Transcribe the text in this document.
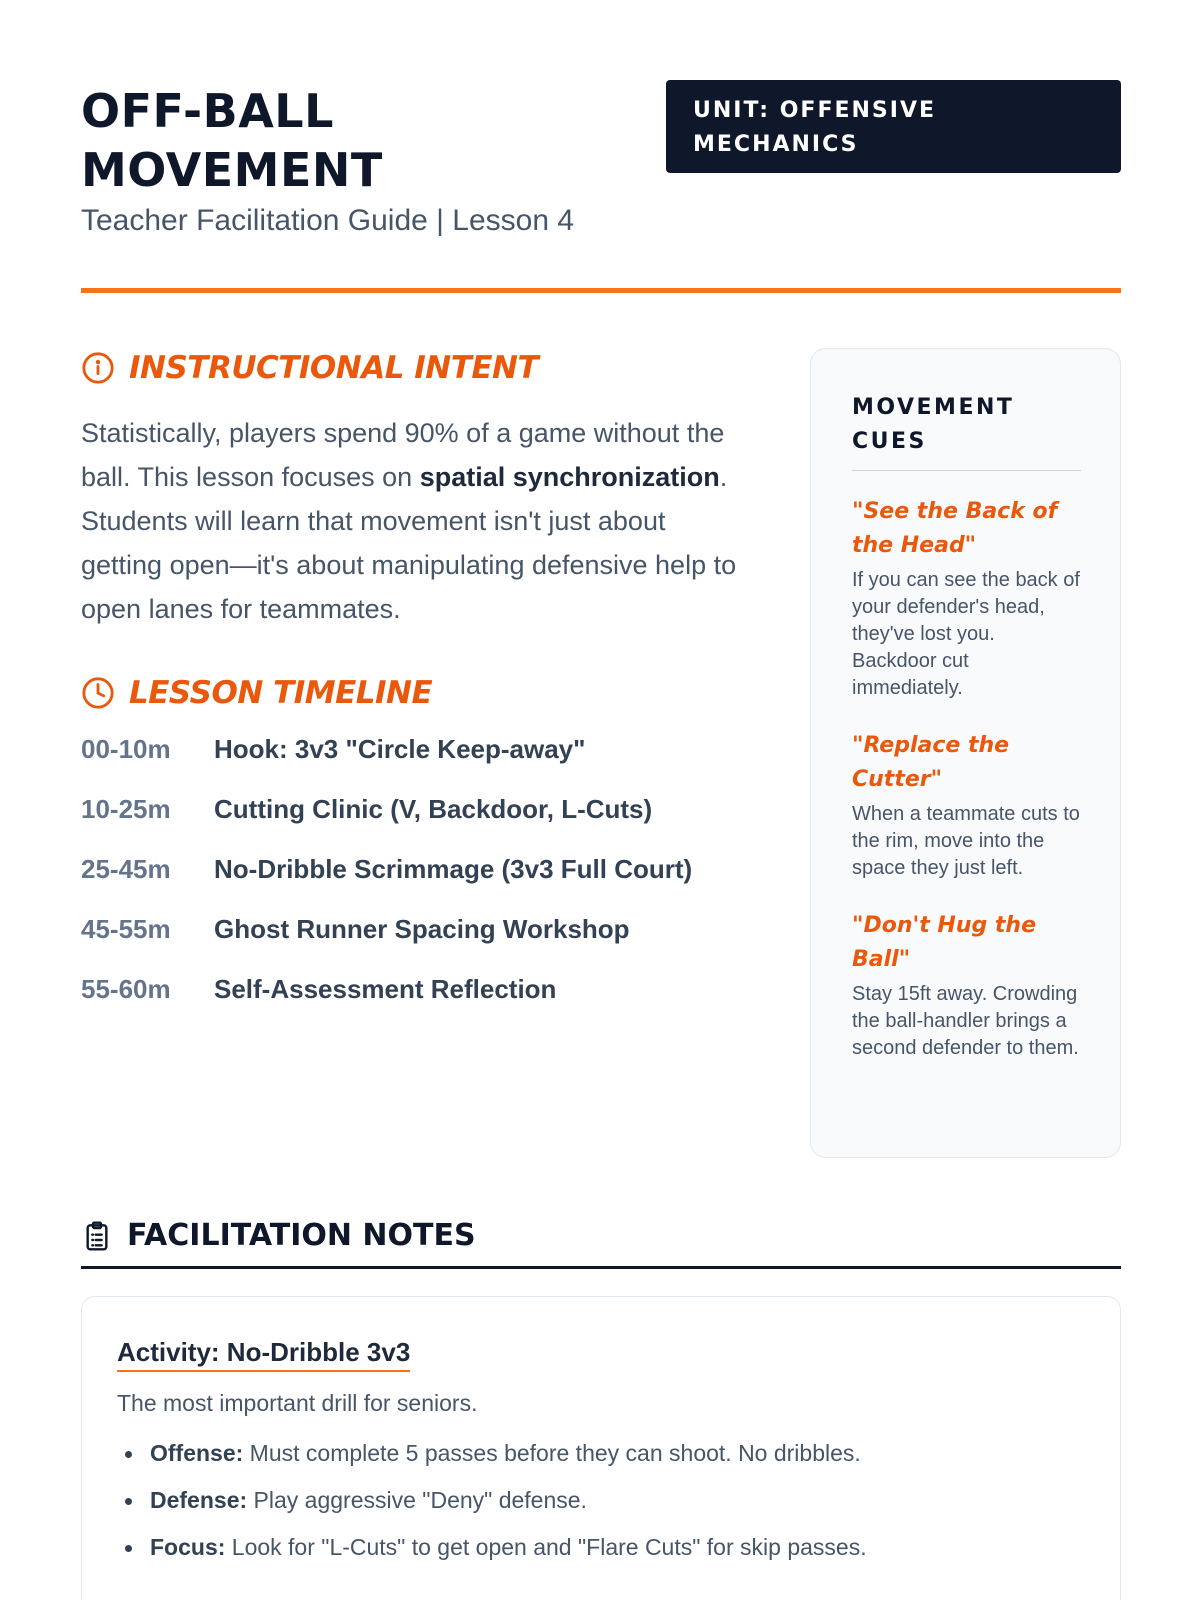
OFF-BALL
MOVEMENT
Teacher Facilitation Guide | Lesson 4
UNIT: OFFENSIVE
MECHANICS
INSTRUCTIONAL INTENT

Statistically, players spend 90% of a game without the ball. This lesson focuses on spatial synchronization. Students will learn that movement isn't just about getting open—it's about manipulating defensive help to open lanes for teammates.

LESSON TIMELINE
00-10m	Hook: 3v3 "Circle Keep-away"
10-25m	Cutting Clinic (V, Backdoor, L-Cuts)
25-45m	No-Dribble Scrimmage (3v3 Full Court)
45-55m	Ghost Runner Spacing Workshop
55-60m	Self-Assessment Reflection
MOVEMENT CUES
"See the Back of the Head"
If you can see the back of your defender's head, they've lost you. Backdoor cut immediately.
"Replace the Cutter"
When a teammate cuts to the rim, move into the space they just left.
"Don't Hug the Ball"
Stay 15ft away. Crowding the ball-handler brings a second defender to them.
FACILITATION NOTES
Activity: No-Dribble 3v3
The most important drill for seniors.
Offense: Must complete 5 passes before they can shoot. No dribbles.
Defense: Play aggressive "Deny" defense.
Focus: Look for "L-Cuts" to get open and "Flare Cuts" for skip passes.
